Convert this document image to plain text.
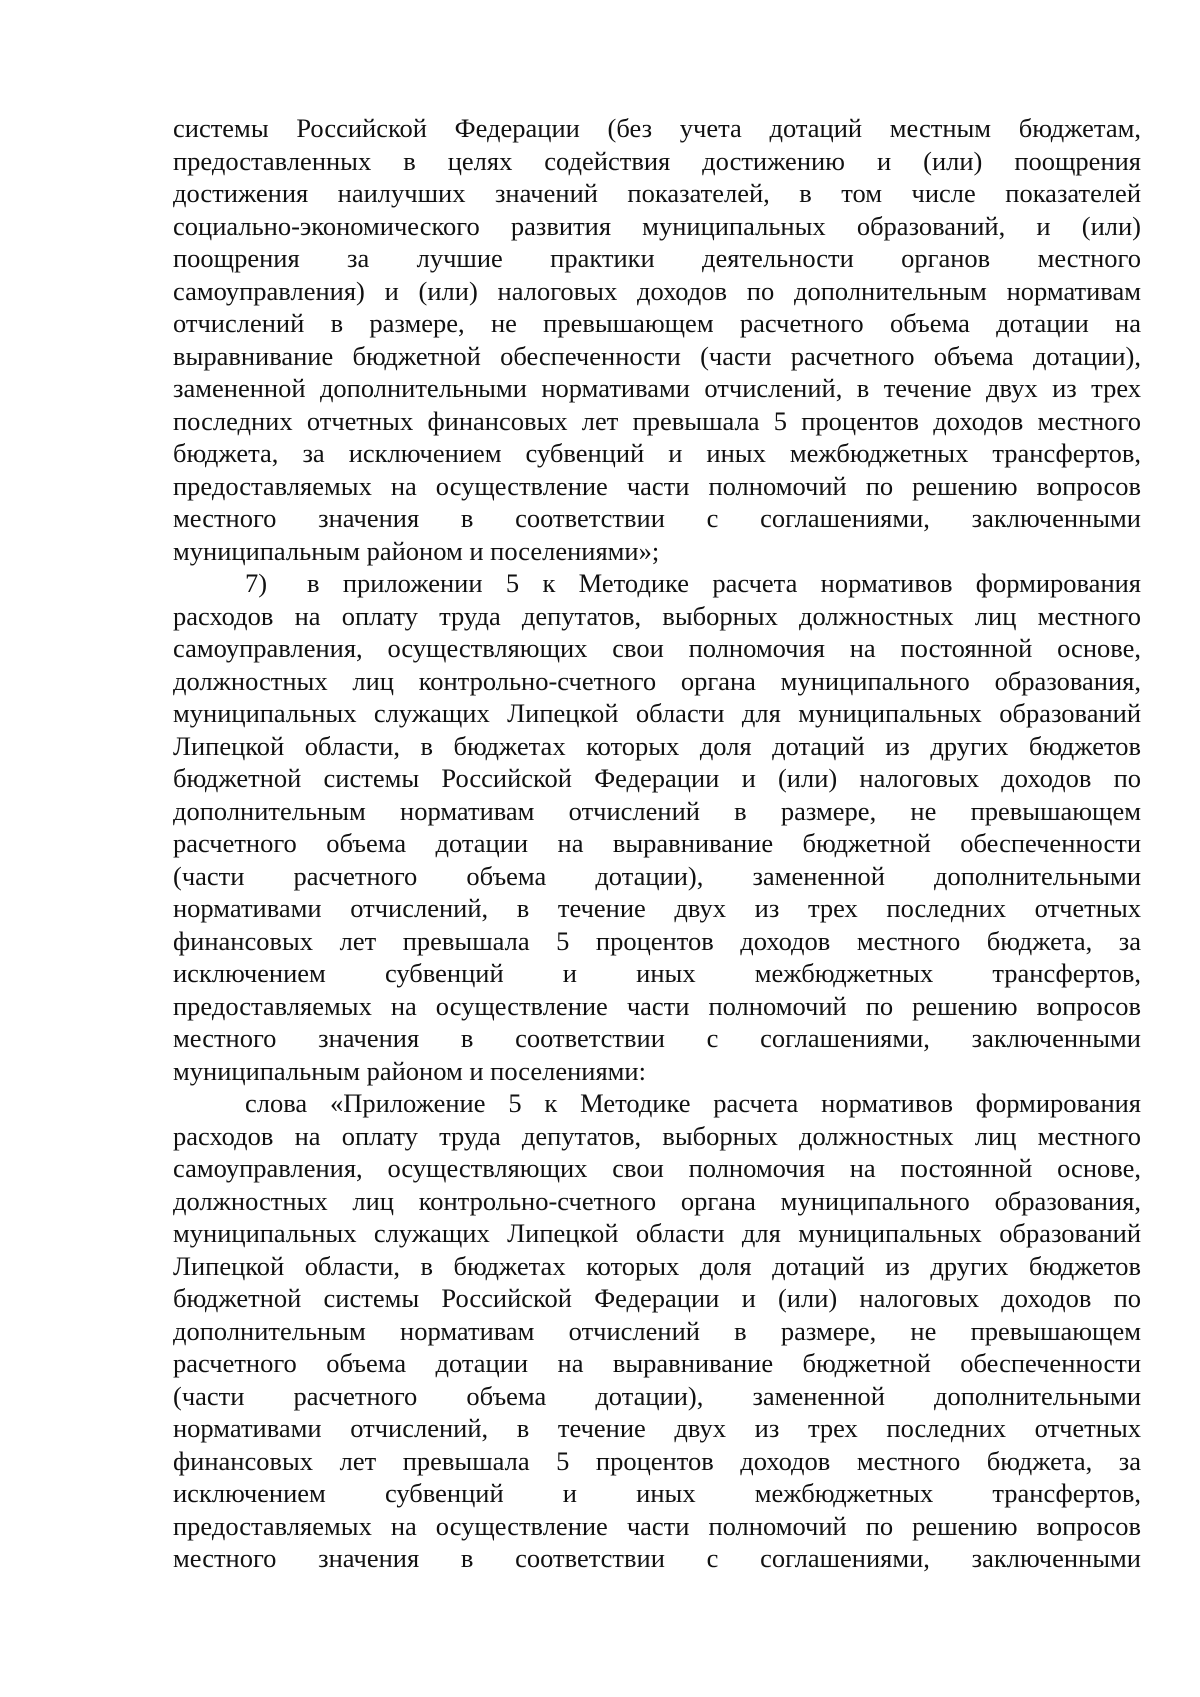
системы Российской Федерации (без учета дотаций местным бюджетам,
предоставленных в целях содействия достижению и (или) поощрения
достижения наилучших значений показателей, в том числе показателей
социально-экономического развития муниципальных образований, и (или)
поощрения за лучшие практики деятельности органов местного
самоуправления) и (или) налоговых доходов по дополнительным нормативам
отчислений в размере, не превышающем расчетного объема дотации на
выравнивание бюджетной обеспеченности (части расчетного объема дотации),
замененной дополнительными нормативами отчислений, в течение двух из трех
последних отчетных финансовых лет превышала 5 процентов доходов местного
бюджета, за исключением субвенций и иных межбюджетных трансфертов,
предоставляемых на осуществление части полномочий по решению вопросов
местного значения в соответствии с соглашениями, заключенными
муниципальным районом и поселениями»;
7) в приложении 5 к Методике расчета нормативов формирования
расходов на оплату труда депутатов, выборных должностных лиц местного
самоуправления, осуществляющих свои полномочия на постоянной основе,
должностных лиц контрольно-счетного органа муниципального образования,
муниципальных служащих Липецкой области для муниципальных образований
Липецкой области, в бюджетах которых доля дотаций из других бюджетов
бюджетной системы Российской Федерации и (или) налоговых доходов по
дополнительным нормативам отчислений в размере, не превышающем
расчетного объема дотации на выравнивание бюджетной обеспеченности
(части расчетного объема дотации), замененной дополнительными
нормативами отчислений, в течение двух из трех последних отчетных
финансовых лет превышала 5 процентов доходов местного бюджета, за
исключением субвенций и иных межбюджетных трансфертов,
предоставляемых на осуществление части полномочий по решению вопросов
местного значения в соответствии с соглашениями, заключенными
муниципальным районом и поселениями:
слова «Приложение 5 к Методике расчета нормативов формирования
расходов на оплату труда депутатов, выборных должностных лиц местного
самоуправления, осуществляющих свои полномочия на постоянной основе,
должностных лиц контрольно-счетного органа муниципального образования,
муниципальных служащих Липецкой области для муниципальных образований
Липецкой области, в бюджетах которых доля дотаций из других бюджетов
бюджетной системы Российской Федерации и (или) налоговых доходов по
дополнительным нормативам отчислений в размере, не превышающем
расчетного объема дотации на выравнивание бюджетной обеспеченности
(части расчетного объема дотации), замененной дополнительными
нормативами отчислений, в течение двух из трех последних отчетных
финансовых лет превышала 5 процентов доходов местного бюджета, за
исключением субвенций и иных межбюджетных трансфертов,
предоставляемых на осуществление части полномочий по решению вопросов
местного значения в соответствии с соглашениями, заключенными
